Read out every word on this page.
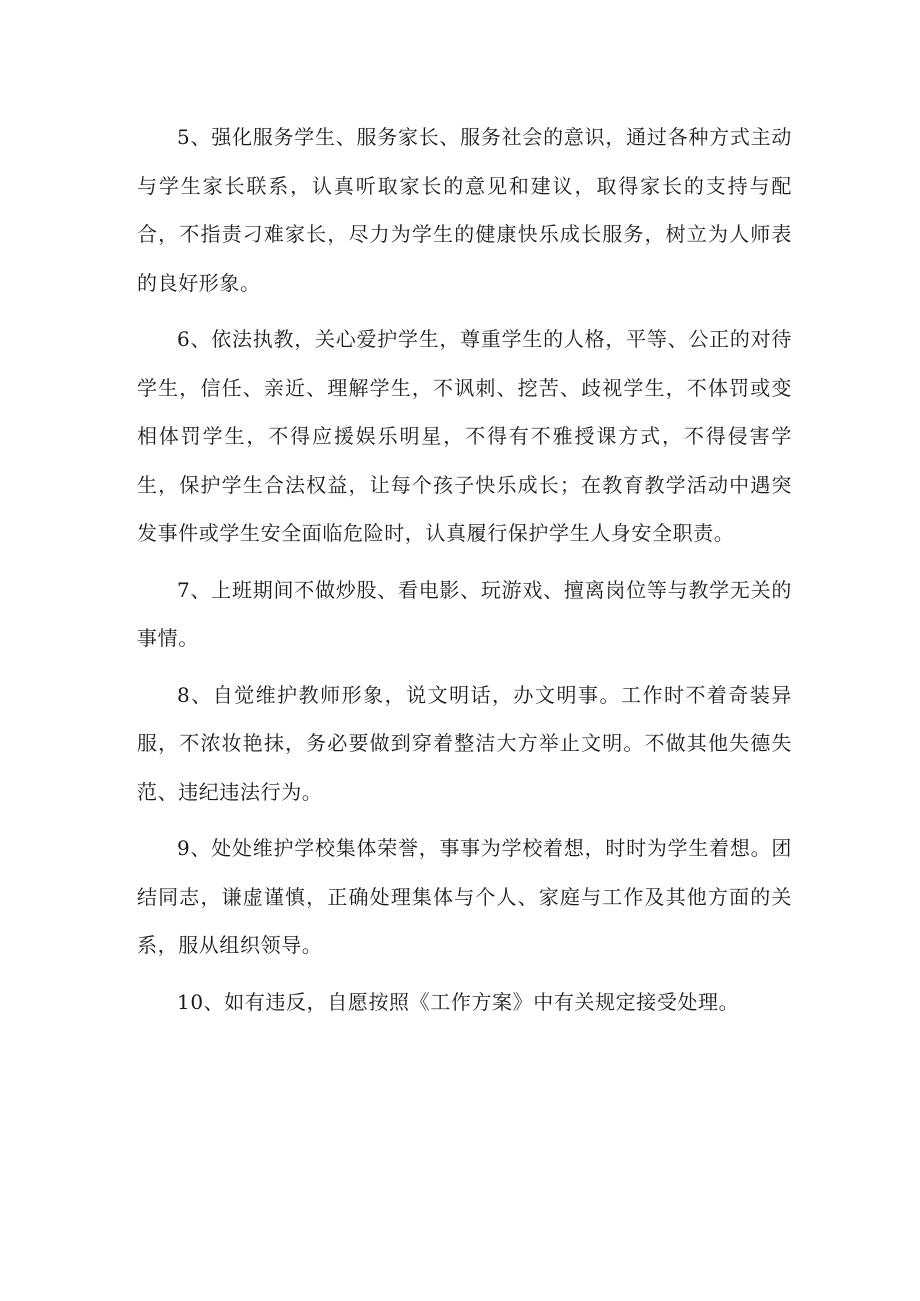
5、强化服务学生、服务家长、服务社会的意识，通过各种方式主动与学生家长联系，认真听取家长的意见和建议，取得家长的支持与配合，不指责刁难家长，尽力为学生的健康快乐成长服务，树立为人师表的良好形象。

6、依法执教，关心爱护学生，尊重学生的人格，平等、公正的对待学生，信任、亲近、理解学生，不讽刺、挖苦、歧视学生，不体罚或变相体罚学生，不得应援娱乐明星，不得有不雅授课方式，不得侵害学生，保护学生合法权益，让每个孩子快乐成长；在教育教学活动中遇突发事件或学生安全面临危险时，认真履行保护学生人身安全职责。

7、上班期间不做炒股、看电影、玩游戏、擅离岗位等与教学无关的事情。

8、自觉维护教师形象，说文明话，办文明事。工作时不着奇装异服，不浓妆艳抹，务必要做到穿着整洁大方举止文明。不做其他失德失范、违纪违法行为。

9、处处维护学校集体荣誉，事事为学校着想，时时为学生着想。团结同志，谦虚谨慎，正确处理集体与个人、家庭与工作及其他方面的关系，服从组织领导。

10、如有违反，自愿按照《工作方案》中有关规定接受处理。
